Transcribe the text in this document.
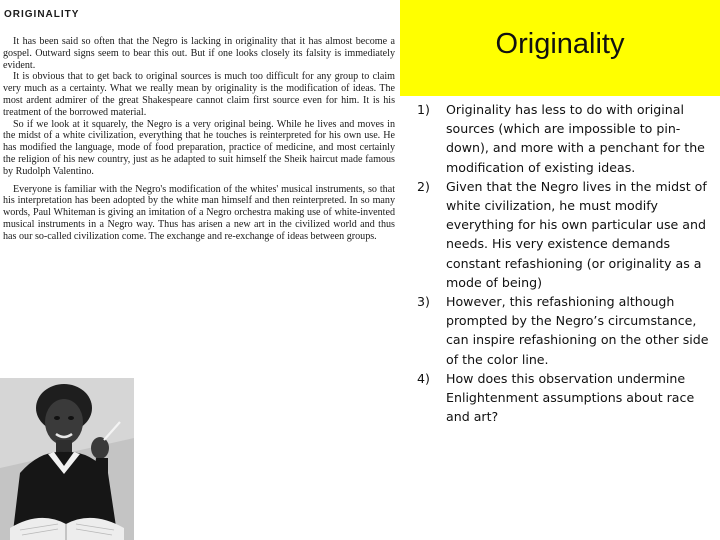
ORIGINALITY

It has been said so often that the Negro is lacking in originality that it has almost become a gospel. Outward signs seem to bear this out. But if one looks closely its falsity is immediately evident.

It is obvious that to get back to original sources is much too difficult for any group to claim very much as a certainty. What we really mean by originality is the modification of ideas. The most ardent admirer of the great Shakespeare cannot claim first source even for him. It is his treatment of the borrowed material.

So if we look at it squarely, the Negro is a very original being. While he lives and moves in the midst of a white civilization, everything that he touches is reinterpreted for his own use. He has modified the language, mode of food preparation, practice of medicine, and most certainly the religion of his new country, just as he adapted to suit himself the Sheik haircut made famous by Rudolph Valentino.

Everyone is familiar with the Negro's modification of the whites' musical instruments, so that his interpretation has been adopted by the white man himself and then reinterpreted. In so many words, Paul Whiteman is giving an imitation of a Negro orchestra making use of white-invented musical instruments in a Negro way. Thus has arisen a new art in the civilized world and thus has our so-called civilization come. The exchange and re-exchange of ideas between groups.

Originality
1) Originality has less to do with original sources (which are impossible to pin-down), and more with a penchant for the modification of existing ideas.
2) Given that the Negro lives in the midst of white civilization, he must modify everything for his own particular use and needs. His very existence demands constant refashioning (or originality as a mode of being)
3) However, this refashioning although prompted by the Negro’s circumstance, can inspire refashioning on the other side of the color line.
4) How does this observation undermine Enlightenment assumptions about race and art?
